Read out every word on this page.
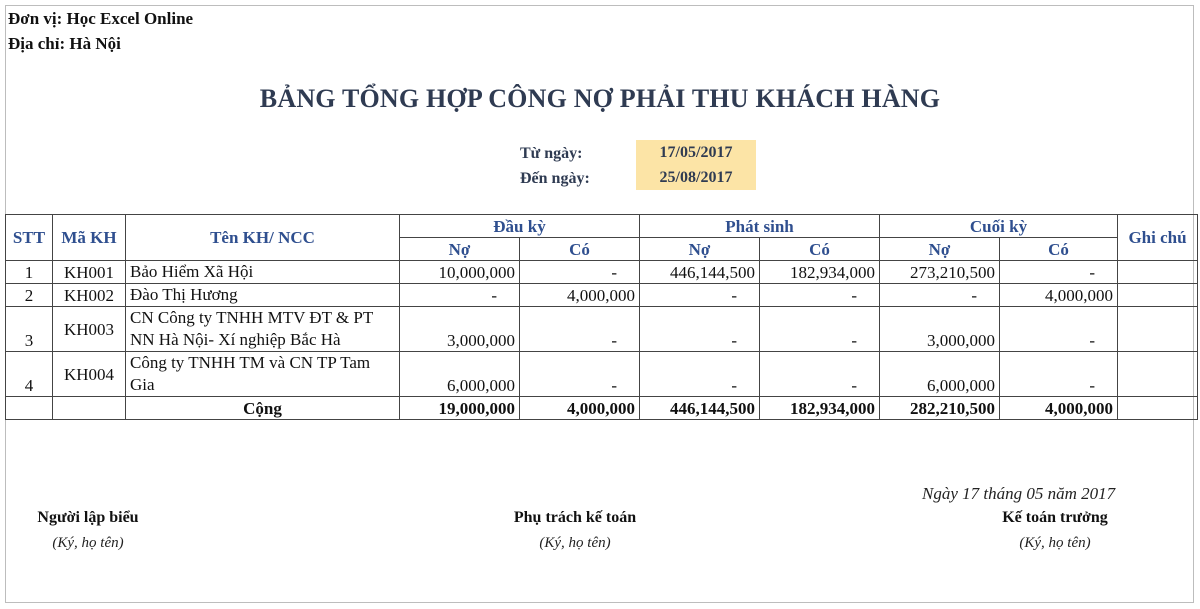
Đơn vị: Học Excel Online
Địa chỉ: Hà Nội
BẢNG TỔNG HỢP CÔNG NỢ PHẢI THU KHÁCH HÀNG
Từ ngày:	17/05/2017
Đến ngày:	25/08/2017
STT	Mã KH	Tên KH/ NCC	Đầu kỳ		Phát sinh		Cuối kỳ		Ghi chú
			Nợ	Có	Nợ	Có	Nợ	Có	
1	KH001	Bảo Hiểm Xã Hội	10,000,000	-	446,144,500	182,934,000	273,210,500	-	
2	KH002	Đào Thị Hương	-	4,000,000	-	-	-	4,000,000	
3	KH003	CN Công ty TNHH MTV ĐT & PT NN Hà Nội- Xí nghiệp Bắc Hà	3,000,000	-	-	-	3,000,000	-	
4	KH004	Công ty TNHH TM và CN TP Tam Gia	6,000,000	-	-	-	6,000,000	-	
		Cộng	19,000,000	4,000,000	446,144,500	182,934,000	282,210,500	4,000,000	
Ngày 17 tháng 05 năm 2017
Người lập biểu
(Ký, họ tên)
Phụ trách kế toán
(Ký, họ tên)
Kế toán trưởng
(Ký, họ tên)
